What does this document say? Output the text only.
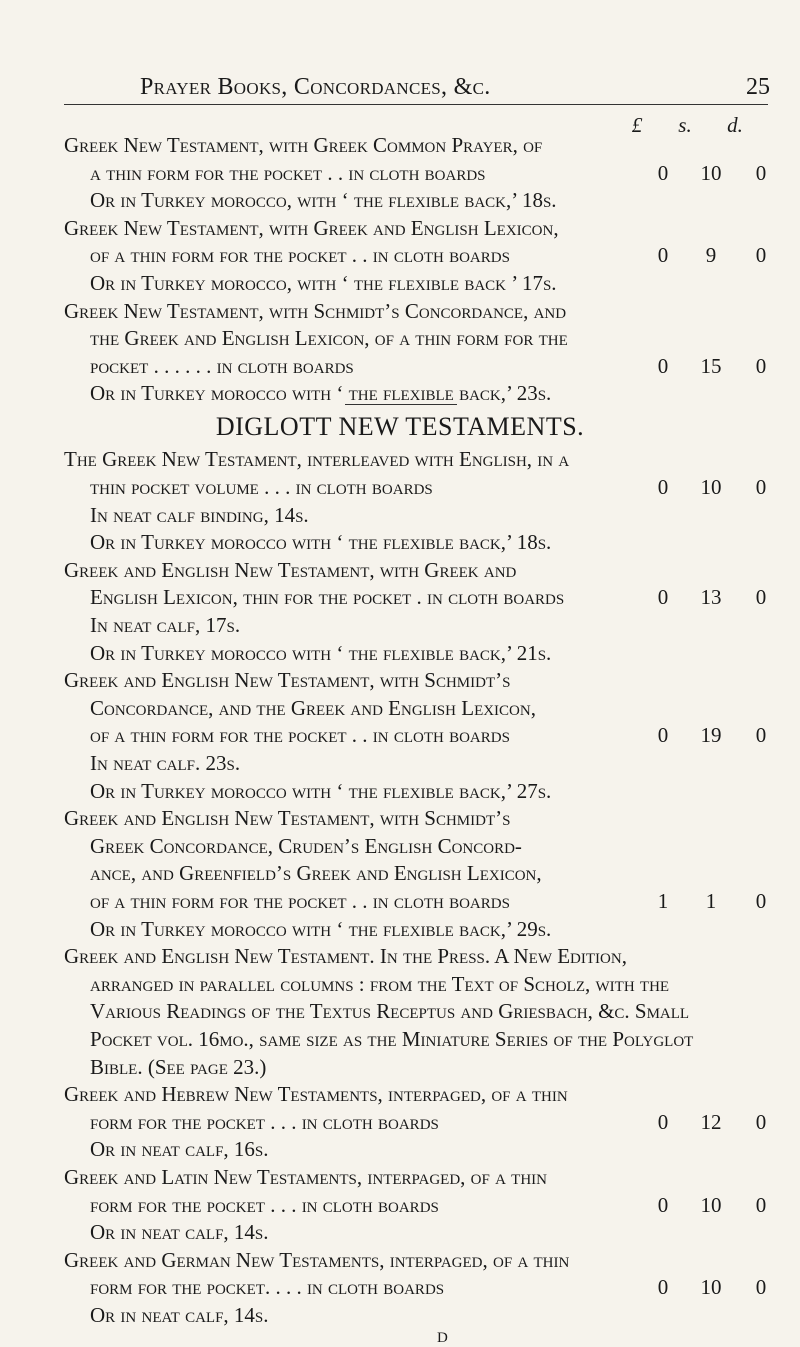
Prayer Books, Concordances, &c.	25
£	s.	d.
Greek New Testament, with Greek Common Prayer, of
a thin form for the pocket . . in cloth boards	0	10	0
Or in Turkey morocco, with ‘ the flexible back,’ 18s.
Greek New Testament, with Greek and English Lexicon,
of a thin form for the pocket . . in cloth boards	0	9	0
Or in Turkey morocco, with ‘ the flexible back ’ 17s.
Greek New Testament, with Schmidt’s Concordance, and
the Greek and English Lexicon, of a thin form for the
pocket . . . . . . in cloth boards	0	15	0
Or in Turkey morocco with ‘ the flexible back,’ 23s.
The Greek New Testament, interleaved with English, in a
thin pocket volume . . . in cloth boards	0	10	0
In neat calf binding, 14s.
Or in Turkey morocco with ‘ the flexible back,’ 18s.
Greek and English New Testament, with Greek and
English Lexicon, thin for the pocket . in cloth boards	0	13	0
In neat calf, 17s.
Or in Turkey morocco with ‘ the flexible back,’ 21s.
Greek and English New Testament, with Schmidt’s
Concordance, and the Greek and English Lexicon,
of a thin form for the pocket . . in cloth boards	0	19	0
In neat calf. 23s.
Or in Turkey morocco with ‘ the flexible back,’ 27s.
Greek and English New Testament, with Schmidt’s
Greek Concordance, Cruden’s English Concord-
ance, and Greenfield’s Greek and English Lexicon,
of a thin form for the pocket . . in cloth boards	1	1	0
Or in Turkey morocco with ‘ the flexible back,’ 29s.
Greek and English New Testament. In the Press. A New Edition,
arranged in parallel columns : from the Text of Scholz, with the
Various Readings of the Textus Receptus and Griesbach, &c. Small
Pocket vol. 16mo., same size as the Miniature Series of the Polyglot
Bible. (See page 23.)
Greek and Hebrew New Testaments, interpaged, of a thin
form for the pocket . . . in cloth boards	0	12	0
Or in neat calf, 16s.
Greek and Latin New Testaments, interpaged, of a thin
form for the pocket . . . in cloth boards	0	10	0
Or in neat calf, 14s.
Greek and German New Testaments, interpaged, of a thin
form for the pocket. . . . in cloth boards	0	10	0
Or in neat calf, 14s.
DIGLOTT NEW TESTAMENTS.
D
